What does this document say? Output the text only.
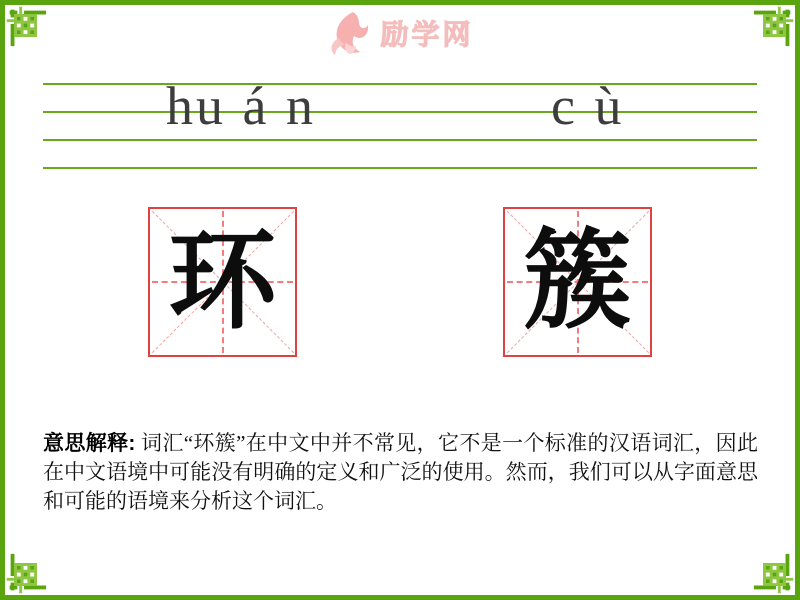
励学网
hu á n	c ù
环 簇

意思解释: 词汇“环簇”在中文中并不常见，它不是一个标准的汉语词汇，因此在中文语境中可能没有明确的定义和广泛的使用。然而，我们可以从字面意思和可能的语境来分析这个词汇。
